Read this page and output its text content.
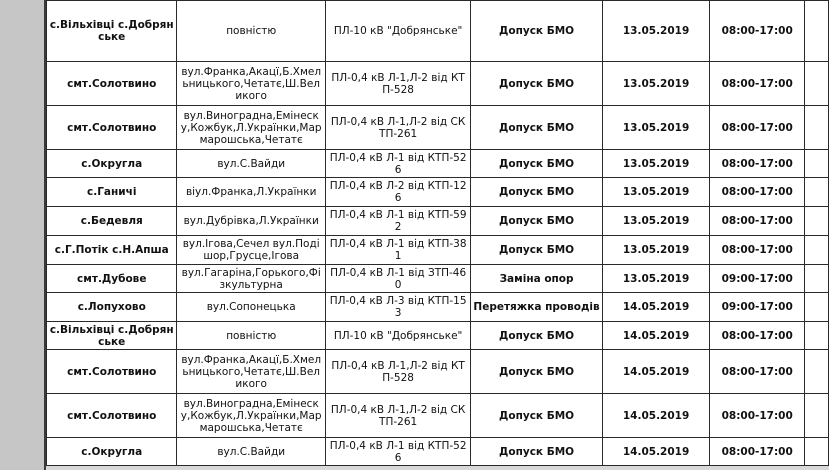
с.Вільхівці с.Добрянське	повністю	ПЛ-10 кВ "Добрянське"	Допуск БМО	13.05.2019	08:00-17:00	
смт.Солотвино	вул.Франка,Акацї,Б.Хмельницького,Четатє,Ш.Великого	ПЛ-0,4 кВ Л-1,Л-2 від КТП-528	Допуск БМО	13.05.2019	08:00-17:00	
смт.Солотвино	вул.Виноградна,Емінеску,Кожбук,Л.Українки,Мармарошська,Четатє	ПЛ-0,4 кВ Л-1,Л-2 від СКТП-261	Допуск БМО	13.05.2019	08:00-17:00	
с.Округла	вул.С.Вайди	ПЛ-0,4 кВ Л-1 від КТП-526	Допуск БМО	13.05.2019	08:00-17:00	
с.Ганичі	віул.Франка,Л.Українки	ПЛ-0,4 кВ Л-2 від КТП-126	Допуск БМО	13.05.2019	08:00-17:00	
с.Бедевля	вул.Дубрівка,Л.Українки	ПЛ-0,4 кВ Л-1 від КТП-592	Допуск БМО	13.05.2019	08:00-17:00	
с.Г.Потік с.Н.Апша	вул.Ігова,Сечел вул.Подішор,Грусце,Ігова	ПЛ-0,4 кВ Л-1 від КТП-381	Допуск БМО	13.05.2019	08:00-17:00	
смт.Дубове	вул.Гагаріна,Горького,Фізкультурна	ПЛ-0,4 кВ Л-1 від ЗТП-460	Заміна опор	13.05.2019	09:00-17:00	
с.Лопухово	вул.Сопонецька	ПЛ-0,4 кВ Л-3 від КТП-153	Перетяжка проводів	14.05.2019	09:00-17:00	
с.Вільхівці с.Добрянське	повністю	ПЛ-10 кВ "Добрянське"	Допуск БМО	14.05.2019	08:00-17:00	
смт.Солотвино	вул.Франка,Акацї,Б.Хмельницького,Четатє,Ш.Великого	ПЛ-0,4 кВ Л-1,Л-2 від КТП-528	Допуск БМО	14.05.2019	08:00-17:00	
смт.Солотвино	вул.Виноградна,Емінеску,Кожбук,Л.Українки,Мармарошська,Четатє	ПЛ-0,4 кВ Л-1,Л-2 від СКТП-261	Допуск БМО	14.05.2019	08:00-17:00	
с.Округла	вул.С.Вайди	ПЛ-0,4 кВ Л-1 від КТП-526	Допуск БМО	14.05.2019	08:00-17:00	
